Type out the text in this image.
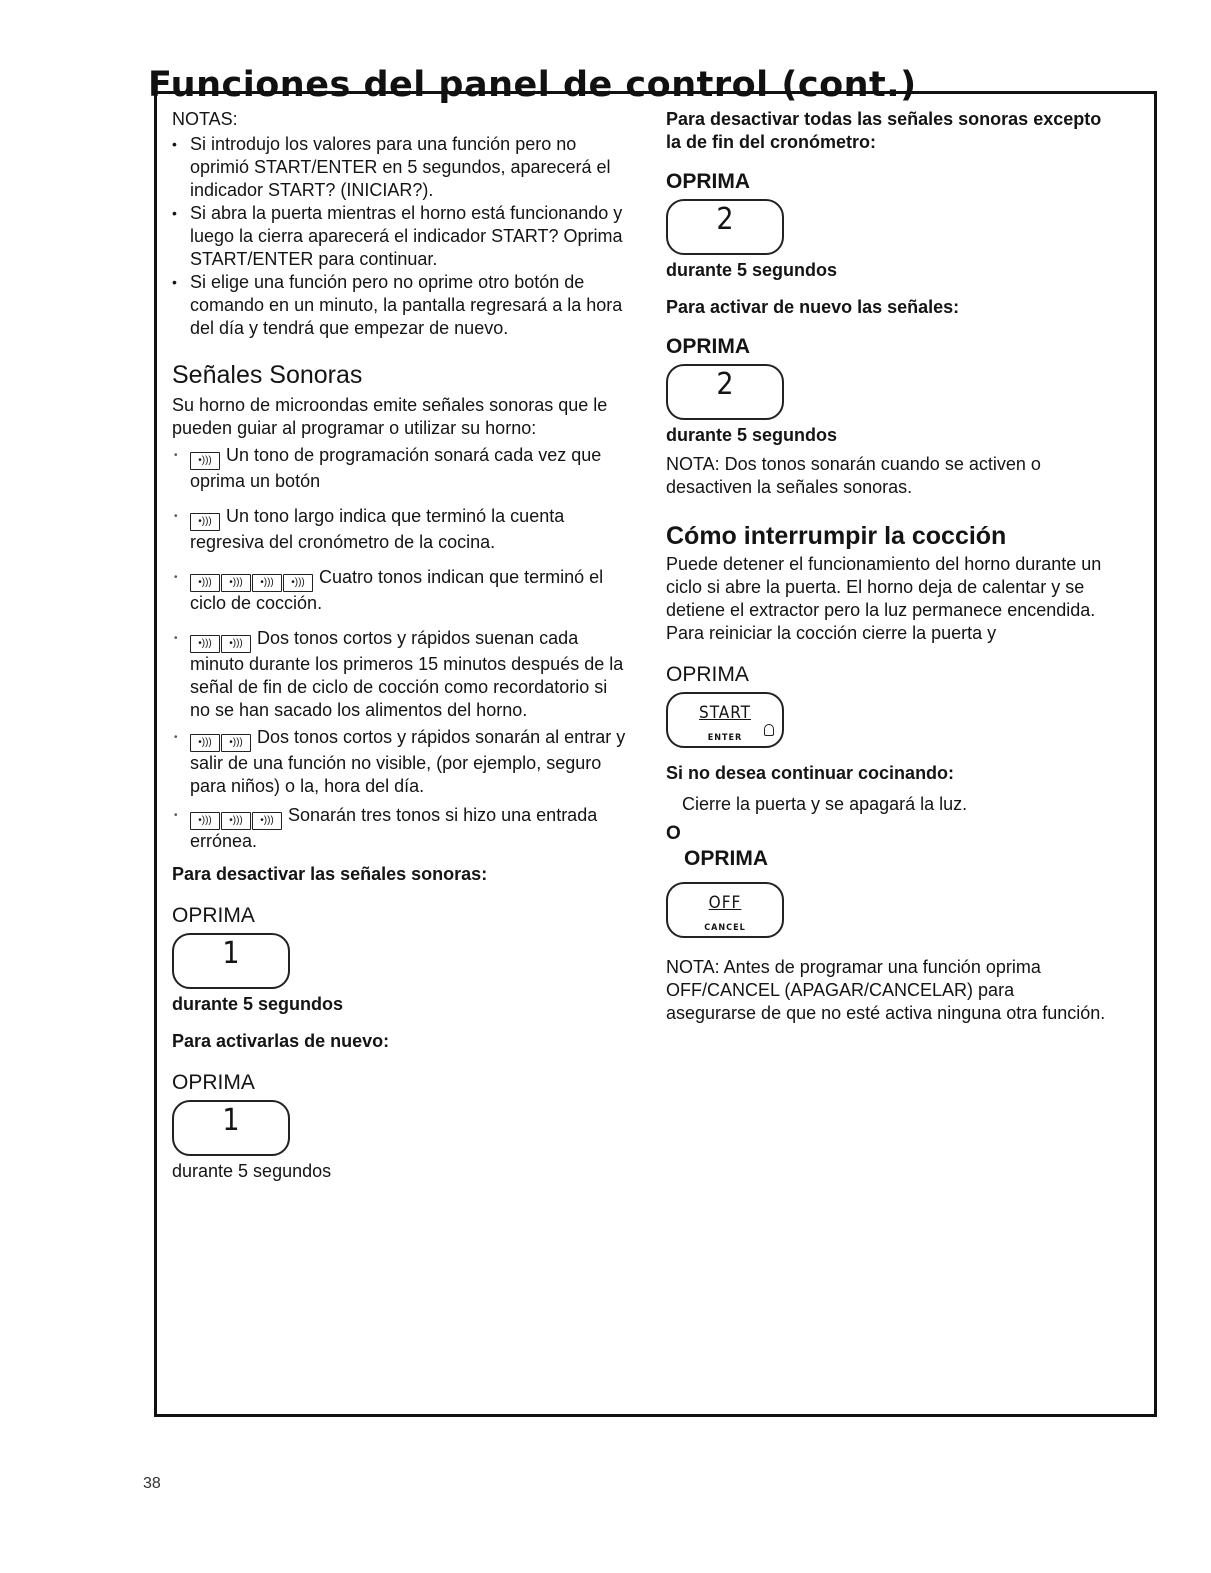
Funciones del panel de control (cont.)

NOTAS:

• Si introdujo los valores para una función pero no oprimió START/ENTER en 5 segundos, aparecerá el indicador START? (INICIAR?).
• Si abra la puerta mientras el horno está funcionando y luego la cierra aparecerá el indicador START? Oprima START/ENTER para continuar.
• Si elige una función pero no oprime otro botón de comando en un minuto, la pantalla regresará a la hora del día y tendrá que empezar de nuevo.
Señales Sonoras

Su horno de microondas emite señales sonoras que le pueden guiar al programar o utilizar su horno:

• •))) Un tono de programación sonará cada vez que oprima un botón
• •))) Un tono largo indica que terminó la cuenta regresiva del cronómetro de la cocina.
• •))) •))) •))) •))) Cuatro tonos indican que terminó el ciclo de cocción.
• •))) •))) Dos tonos cortos y rápidos suenan cada minuto durante los primeros 15 minutos después de la señal de fin de ciclo de cocción como recordatorio si no se han sacado los alimentos del horno.
• •))) •))) Dos tonos cortos y rápidos sonarán al entrar y salir de una función no visible, (por ejemplo, seguro para niños) o la, hora del día.
• •))) •))) •))) Sonarán tres tonos si hizo una entrada errónea.

Para desactivar las señales sonoras:

OPRIMA

1

durante 5 segundos

Para activarlas de nuevo:

OPRIMA

1

durante 5 segundos

Para desactivar todas las señales sonoras excepto la de fin del cronómetro:

OPRIMA

2

durante 5 segundos

Para activar de nuevo las señales:

OPRIMA

2

durante 5 segundos

NOTA: Dos tonos sonarán cuando se activen o desactiven la señales sonoras.

Cómo interrumpir la cocción

Puede detener el funcionamiento del horno durante un ciclo si abre la puerta. El horno deja de calentar y se detiene el extractor pero la luz permanece encendida. Para reiniciar la cocción cierre la puerta y

OPRIMA

START
ENTER

Si no desea continuar cocinando:

Cierre la puerta y se apagará la luz.

O

OPRIMA

OFF
CANCEL

NOTA: Antes de programar una función oprima OFF/CANCEL (APAGAR/CANCELAR) para asegurarse de que no esté activa ninguna otra función.

38
